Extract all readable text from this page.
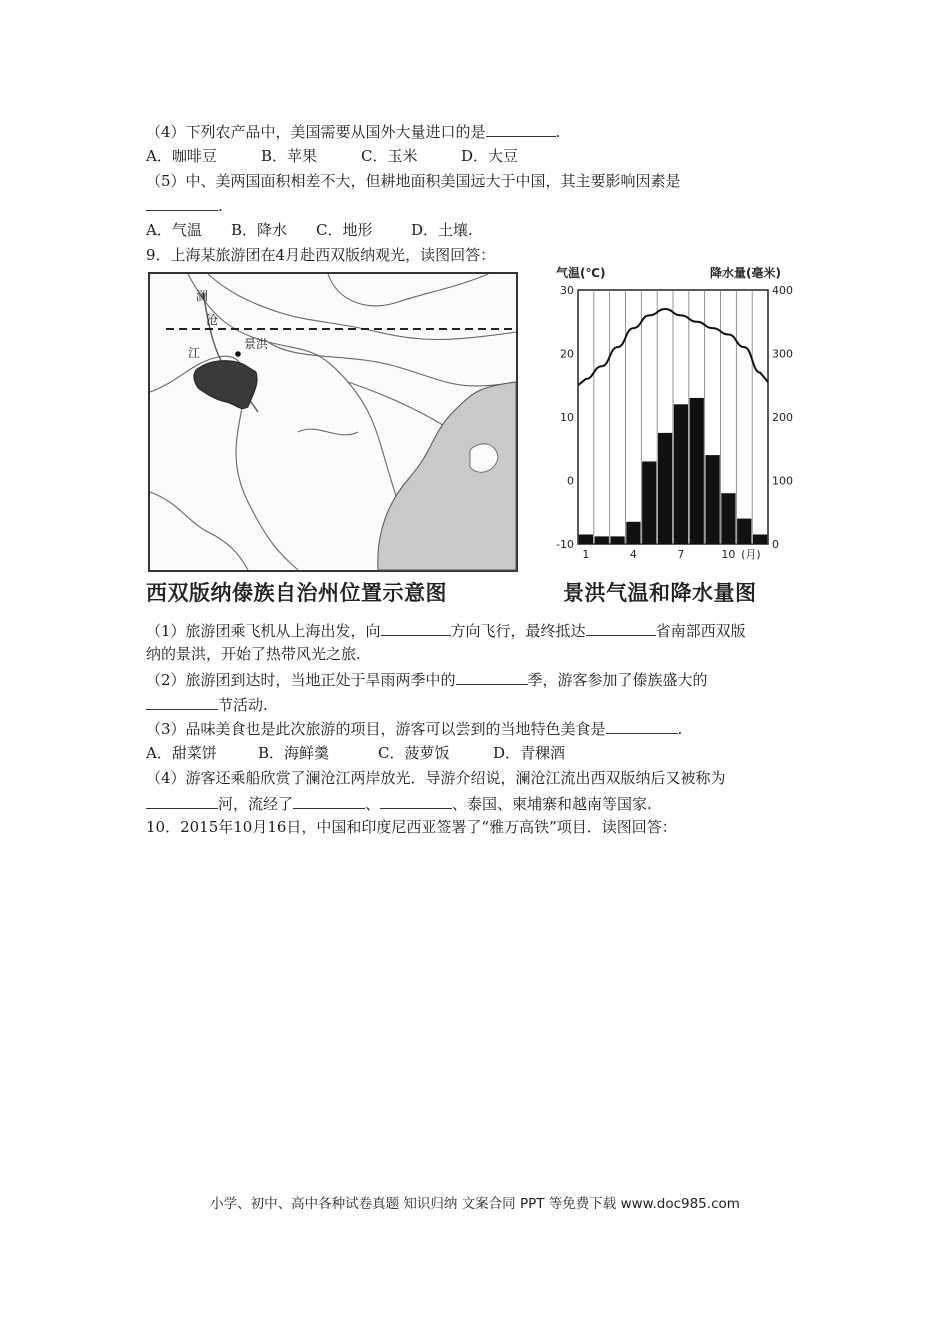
（4）下列农产品中，美国需要从国外大量进口的是	.
A．咖啡豆	B．苹果	C．玉米	D．大豆
（5）中、美两国面积相差不大，但耕地面积美国远大于中国，其主要影响因素是
.
A．气温 B．降水 C．地形	D．土壤.
9．上海某旅游团在4月赴西双版纳观光，读图回答：
澜
沧
江
景洪
西双版纳傣族自治州位置示意图
气温(℃)	降水量(毫米)
30
20
10
0
-10
400
300
200
100
0
1	4	7	10 (月)
景洪气温和降水量图
（1）旅游团乘飞机从上海出发，向	方向飞行，最终抵达	省南部西双版
纳的景洪，开始了热带风光之旅.
（2）旅游团到达时，当地正处于旱雨两季中的	季，游客参加了傣族盛大的
节活动.
（3）品味美食也是此次旅游的项目，游客可以尝到的当地特色美食是	.
A．甜菜饼	B．海鲜羹	C．菠萝饭	D．青稞酒
（4）游客还乘船欣赏了澜沧江两岸放光．导游介绍说，澜沧江流出西双版纳后又被称为
河，流经了	、	、泰国、柬埔寨和越南等国家.
10．2015年10月16日，中国和印度尼西亚签署了“雅万高铁”项目．读图回答：
小学、初中、高中各种试卷真题 知识归纳 文案合同 PPT 等免费下载 www.doc985.com
